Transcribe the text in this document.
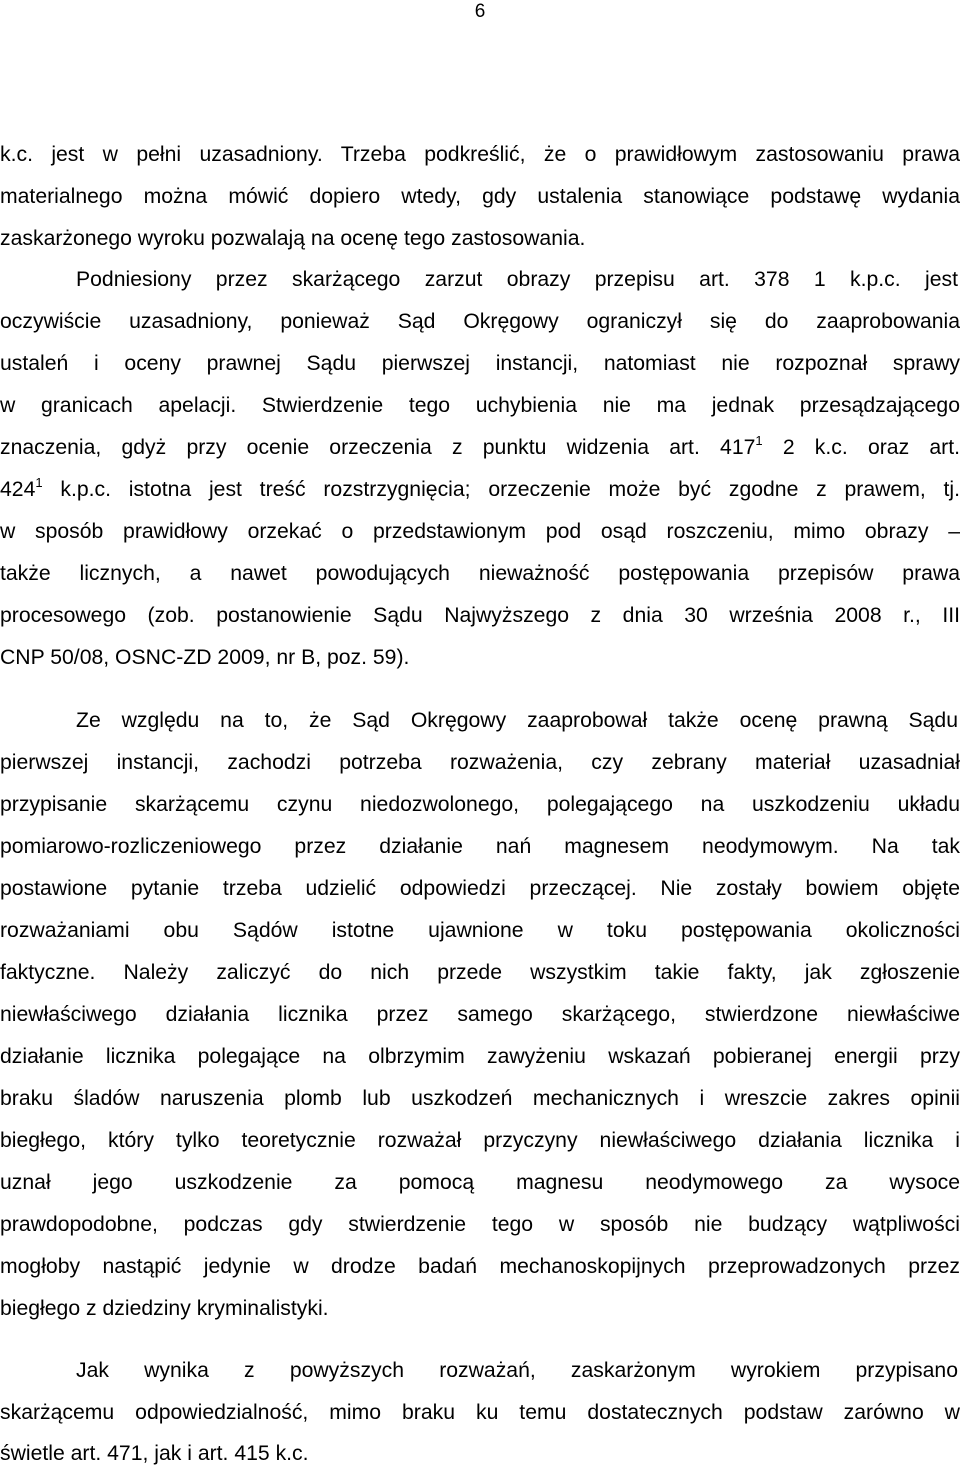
6
k.c. jest w pełni uzasadniony. Trzeba podkreślić, że o prawidłowym zastosowaniu prawa
materialnego można mówić dopiero wtedy, gdy ustalenia stanowiące podstawę wydania
zaskarżonego wyroku pozwalają na ocenę tego zastosowania.
Podniesiony przez skarżącego zarzut obrazy przepisu art. 378 1 k.p.c. jest
oczywiście uzasadniony, ponieważ Sąd Okręgowy ograniczył się do zaaprobowania
ustaleń i oceny prawnej Sądu pierwszej instancji, natomiast nie rozpoznał sprawy
w granicach apelacji. Stwierdzenie tego uchybienia nie ma jednak przesądzającego
znaczenia, gdyż przy ocenie orzeczenia z punktu widzenia art. $417^1$ 2 k.c. oraz art.
$424^1$ k.p.c. istotna jest treść rozstrzygnięcia; orzeczenie może być zgodne z prawem, tj.
w sposób prawidłowy orzekać o przedstawionym pod osąd roszczeniu, mimo obrazy –
także licznych, a nawet powodujących nieważność postępowania przepisów prawa
procesowego (zob. postanowienie Sądu Najwyższego z dnia 30 września 2008 r., III
CNP 50/08, OSNC-ZD 2009, nr B, poz. 59).
Ze względu na to, że Sąd Okręgowy zaaprobował także ocenę prawną Sądu
pierwszej instancji, zachodzi potrzeba rozważenia, czy zebrany materiał uzasadniał
przypisanie skarżącemu czynu niedozwolonego, polegającego na uszkodzeniu układu
pomiarowo-rozliczeniowego przez działanie nań magnesem neodymowym. Na tak
postawione pytanie trzeba udzielić odpowiedzi przeczącej. Nie zostały bowiem objęte
rozważaniami obu Sądów istotne ujawnione w toku postępowania okoliczności
faktyczne. Należy zaliczyć do nich przede wszystkim takie fakty, jak zgłoszenie
niewłaściwego działania licznika przez samego skarżącego, stwierdzone niewłaściwe
działanie licznika polegające na olbrzymim zawyżeniu wskazań pobieranej energii przy
braku śladów naruszenia plomb lub uszkodzeń mechanicznych i wreszcie zakres opinii
biegłego, który tylko teoretycznie rozważał przyczyny niewłaściwego działania licznika i
uznał jego uszkodzenie za pomocą magnesu neodymowego za wysoce
prawdopodobne, podczas gdy stwierdzenie tego w sposób nie budzący wątpliwości
mogłoby nastąpić jedynie w drodze badań mechanoskopijnych przeprowadzonych przez
biegłego z dziedziny kryminalistyki.
Jak wynika z powyższych rozważań, zaskarżonym wyrokiem przypisano
skarżącemu odpowiedzialność, mimo braku ku temu dostatecznych podstaw zarówno w
świetle art. 471, jak i art. 415 k.c.
